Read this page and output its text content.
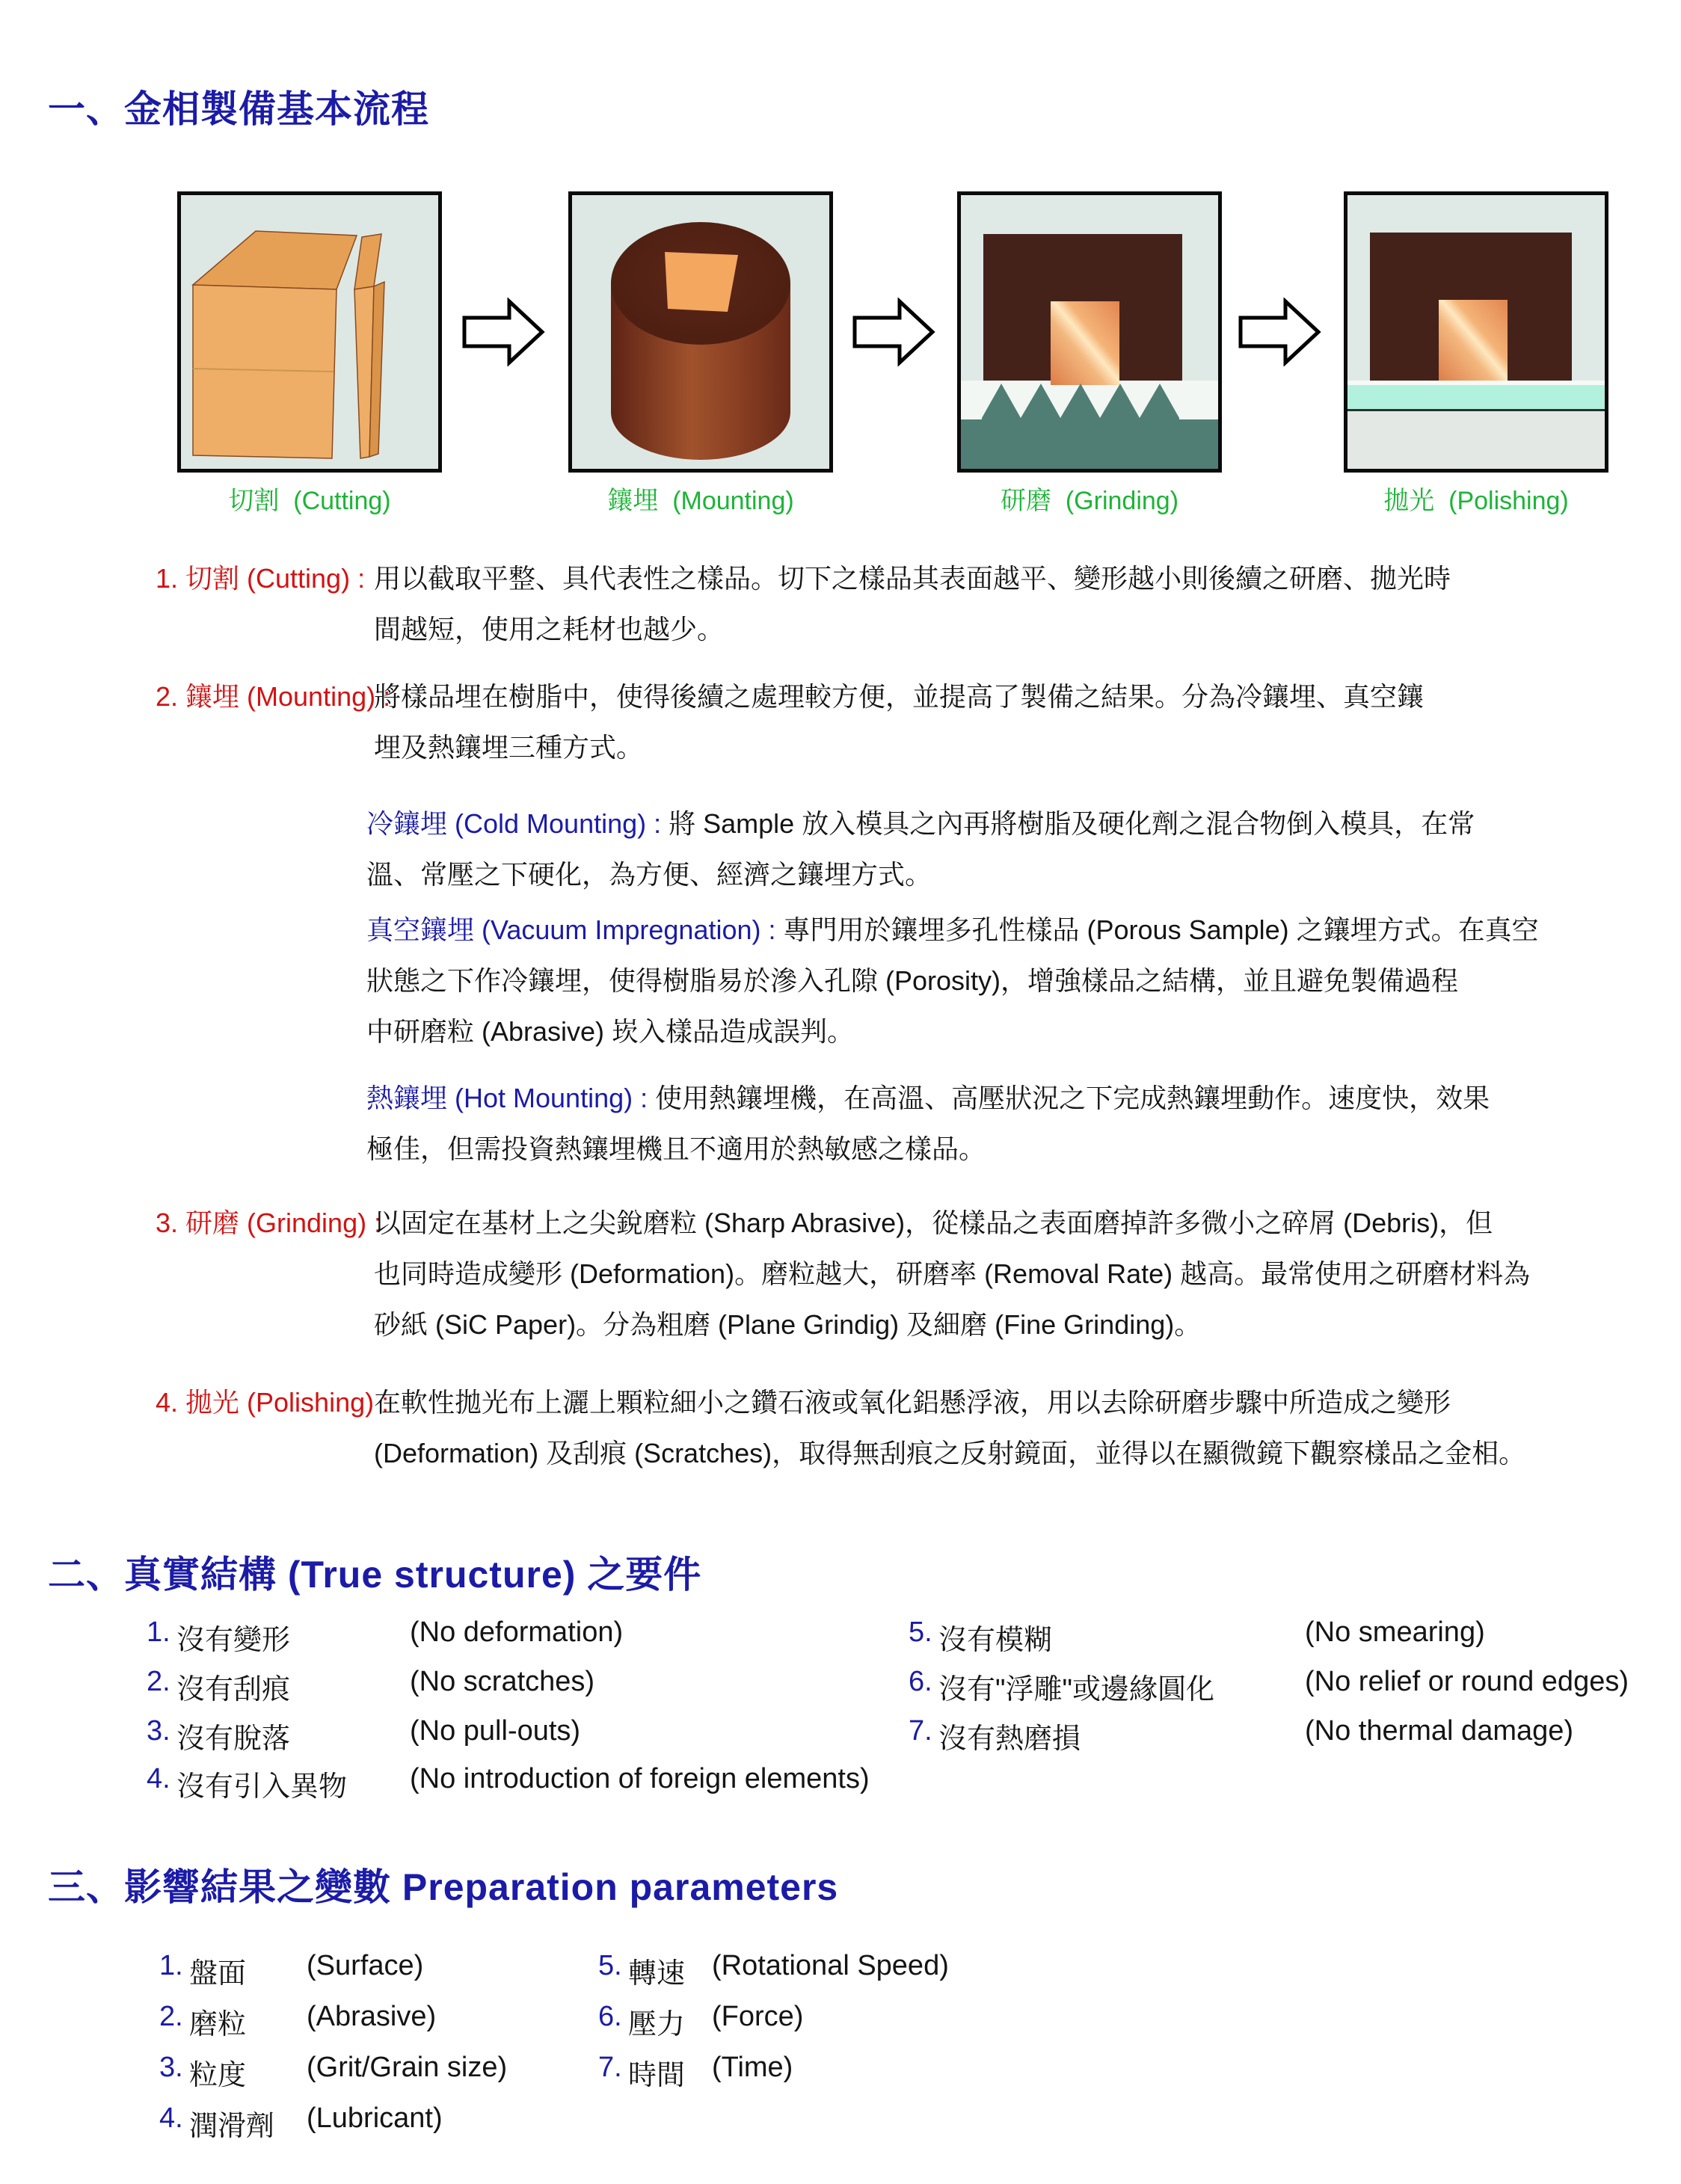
一、金相製備基本流程
切割  (Cutting)	鑲埋  (Mounting)	研磨  (Grinding)	拋光  (Polishing)
1. 切割 (Cutting) : 用以截取平整、具代表性之樣品。切下之樣品其表面越平、變形越小則後續之研磨、拋光時
間越短，使用之耗材也越少。
2. 鑲埋 (Mounting) :
將樣品埋在樹脂中，使得後續之處理較方便，並提高了製備之結果。分為冷鑲埋、真空鑲
埋及熱鑲埋三種方式。
冷鑲埋 (Cold Mounting) : 將 Sample 放入模具之內再將樹脂及硬化劑之混合物倒入模具，在常
溫、常壓之下硬化，為方便、經濟之鑲埋方式。
真空鑲埋 (Vacuum Impregnation) : 專門用於鑲埋多孔性樣品 (Porous Sample) 之鑲埋方式。在真空
狀態之下作冷鑲埋，使得樹脂易於滲入孔隙 (Porosity)，增強樣品之結構，並且避免製備過程
中研磨粒 (Abrasive) 崁入樣品造成誤判。
熱鑲埋 (Hot Mounting) : 使用熱鑲埋機，在高溫、高壓狀況之下完成熱鑲埋動作。速度快，效果
極佳，但需投資熱鑲埋機且不適用於熱敏感之樣品。
3. 研磨 (Grinding) :
以固定在基材上之尖銳磨粒 (Sharp Abrasive)，從樣品之表面磨掉許多微小之碎屑 (Debris)，但
也同時造成變形 (Deformation)。磨粒越大，研磨率 (Removal Rate) 越高。最常使用之研磨材料為
砂紙 (SiC Paper)。分為粗磨 (Plane Grindig) 及細磨 (Fine Grinding)。
4. 拋光 (Polishing) :
在軟性拋光布上灑上顆粒細小之鑽石液或氧化鋁懸浮液，用以去除研磨步驟中所造成之變形
(Deformation) 及刮痕 (Scratches)，取得無刮痕之反射鏡面，並得以在顯微鏡下觀察樣品之金相。
二、真實結構 (True structure) 之要件
1. 沒有變形	(No deformation)	5. 沒有模糊	(No smearing)
2. 沒有刮痕	(No scratches)	6. 沒有"浮雕"或邊緣圓化	(No relief or round edges)
3. 沒有脫落	(No pull-outs)	7. 沒有熱磨損	(No thermal damage)
4. 沒有引入異物 (No introduction of foreign elements)
三、影響結果之變數 Preparation parameters
1. 盤面 (Surface)	5. 轉速 (Rotational Speed)
2. 磨粒 (Abrasive)	6. 壓力 (Force)
3. 粒度 (Grit/Grain size)	7. 時間 (Time)
4. 潤滑劑 (Lubricant)
